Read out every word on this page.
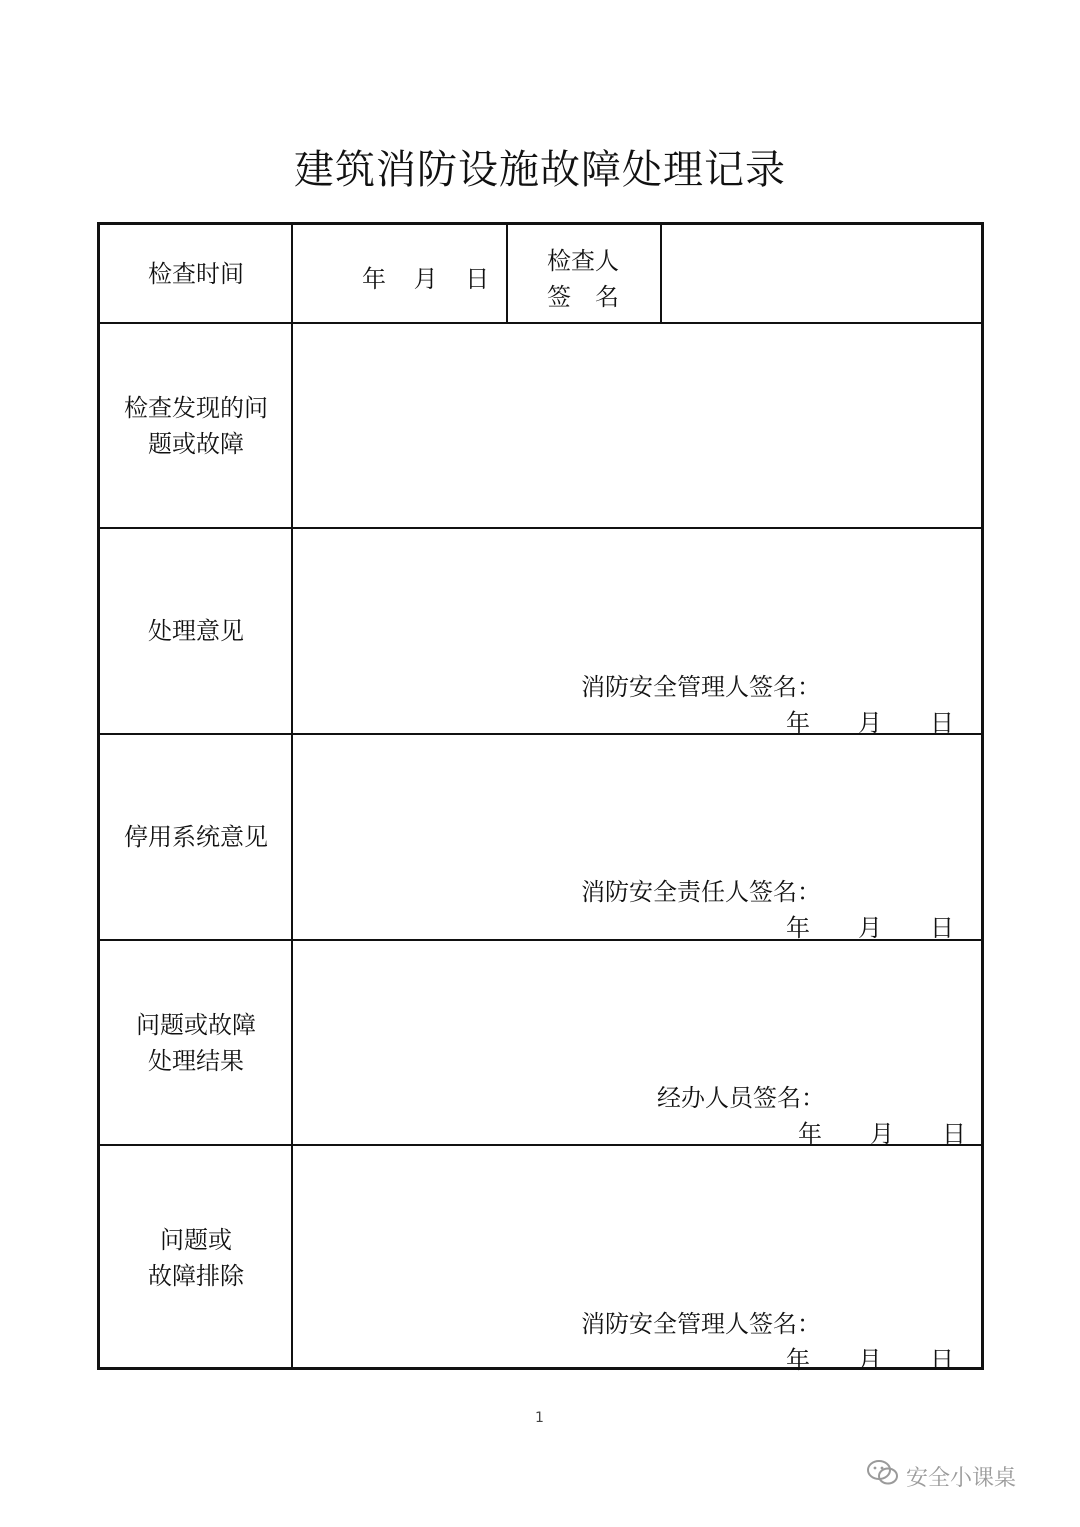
建筑消防设施故障处理记录
检查时间	年 月 日
检查人
签　名
检查发现的问
题或故障
处理意见
消防安全管理人签名：
年　　月　　日
停用系统意见
消防安全责任人签名：
年　　月　　日
问题或故障
处理结果
经办人员签名：
年　　月　　日
问题或
故障排除
消防安全管理人签名：
年　　月　　日
1
安全小课桌
